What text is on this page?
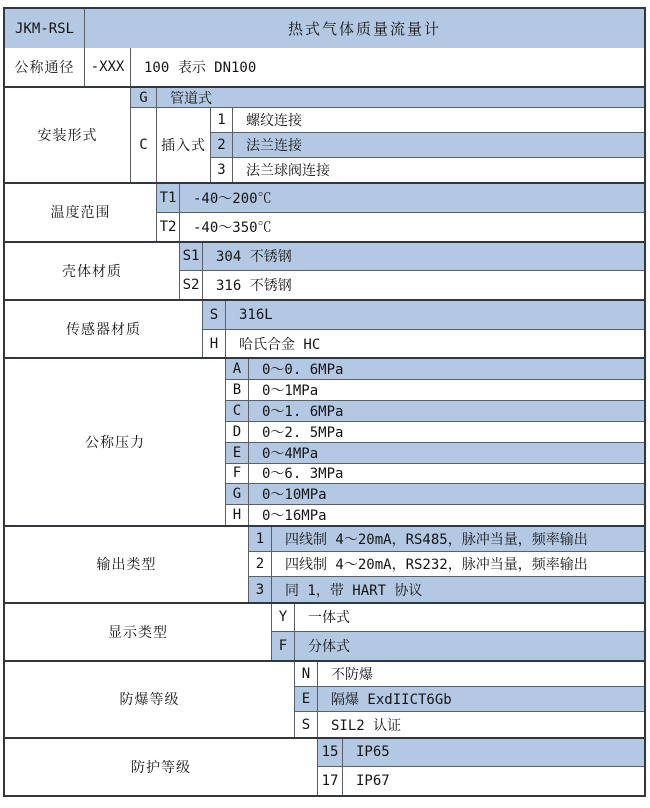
JKM-RSL	热式气体质量流量计
公称通径	-XXX	100 表示 DN100
安装形式
G	管道式
C 插入式
1	螺纹连接
2	法兰连接
3	法兰球阀连接
温度范围
T1	-40～200℃
T2	-40～350℃
壳体材质
S1	304 不锈钢
S2	316 不锈钢
传感器材质
S	316L
H	哈氏合金 HC
公称压力
A	0～0. 6MPa
B	0～1MPa
C	0～1. 6MPa
D	0～2. 5MPa
E	0～4MPa
F	0～6. 3MPa
G	0～10MPa
H	0～16MPa
输出类型
1	四线制 4～20mA，RS485，脉冲当量，频率输出
2	四线制 4～20mA，RS232，脉冲当量，频率输出
3	同 1，带 HART 协议
显示类型
Y	一体式
F	分体式
防爆等级
N	不防爆
E	隔爆 ExdIICT6Gb
S	SIL2 认证
防护等级
15	IP65
17	IP67
